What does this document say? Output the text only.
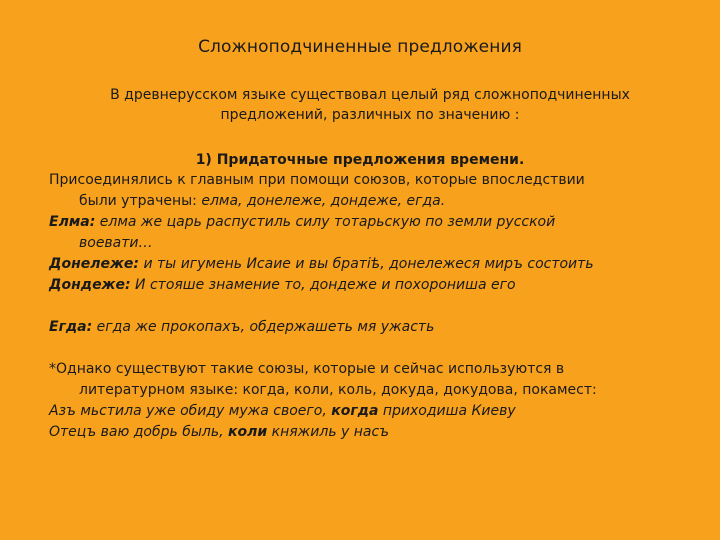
Сложноподчиненные предложения
В древнерусском языке существовал целый ряд сложноподчиненных предложений, различных по значению :
1) Придаточные предложения времени.

Присоединялись к главным при помощи союзов, которые впоследствии

были утрачены: елма, донележе, дондеже, егда.

Елма: елма же царь распустиль силу тотарьскую по земли русской

воевати…

Донележе: и ты игумень Исаие и вы братiѣ, донележеся миръ состоить

Дондеже: И стояше знамение то, дондеже и похорониша его

Егда: егда же прокопахъ, обдержашеть мя ужасть

*Однако существуют такие союзы, которые и сейчас используются в

литературном языке: когда, коли, коль, докуда, докудова, покамест:

Азъ мьстила уже обиду мужа своего, когда приходиша Киеву

Отецъ ваю добрь быль, коли княжиль у насъ
